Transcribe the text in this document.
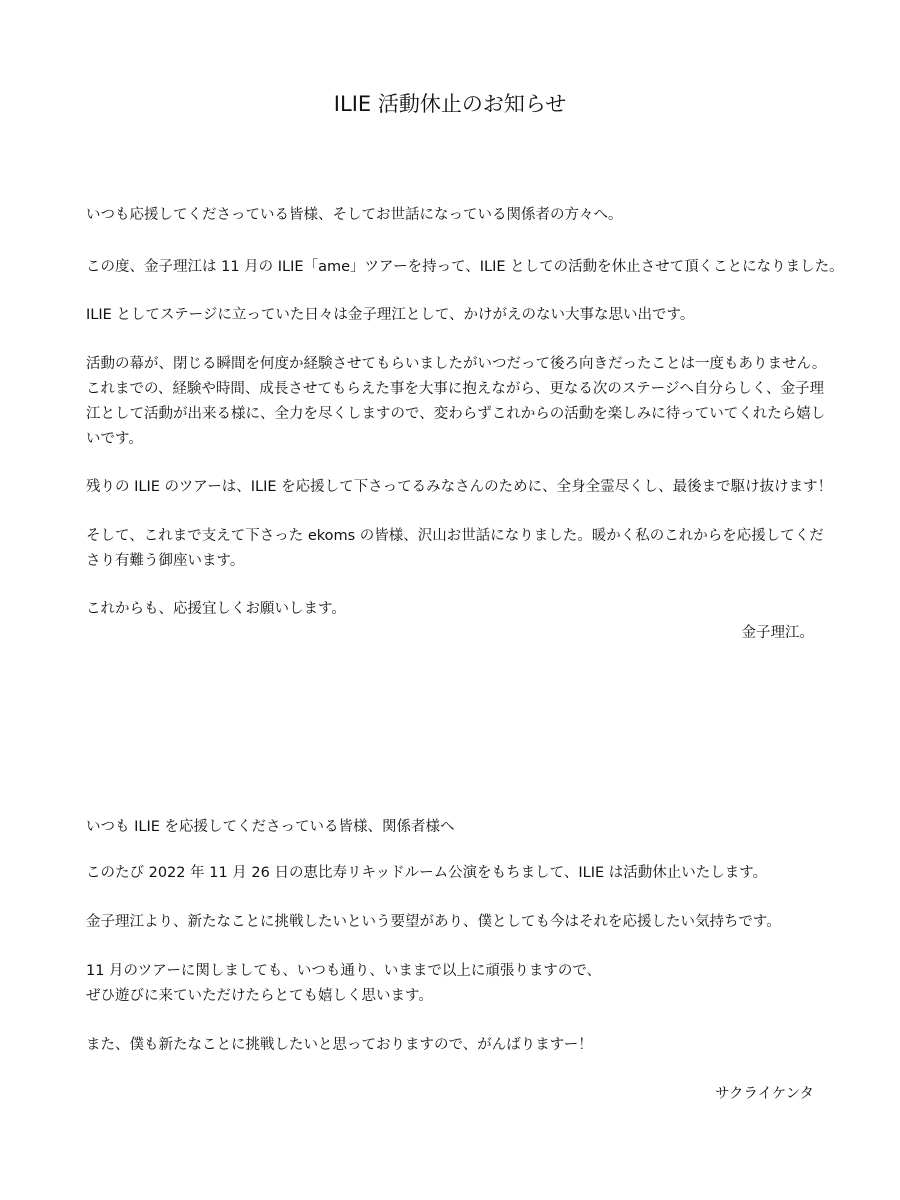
ILIE 活動休止のお知らせ

いつも応援してくださっている皆様、そしてお世話になっている関係者の方々へ。

この度、金子理江は 11 月の ILIE「ame」ツアーを持って、ILIE としての活動を休止させて頂くことになりました。

ILIE としてステージに立っていた日々は金子理江として、かけがえのない大事な思い出です。

活動の幕が、閉じる瞬間を何度か経験させてもらいましたがいつだって後ろ向きだったことは一度もありません。

これまでの、経験や時間、成長させてもらえた事を大事に抱えながら、更なる次のステージへ自分らしく、金子理

江として活動が出来る様に、全力を尽くしますので、変わらずこれからの活動を楽しみに待っていてくれたら嬉し

いです。

残りの ILIE のツアーは、ILIE を応援して下さってるみなさんのために、全身全霊尽くし、最後まで駆け抜けます！

そして、これまで支えて下さった ekoms の皆様、沢山お世話になりました。暖かく私のこれからを応援してくだ

さり有難う御座います。

これからも、応援宜しくお願いします。

金子理江。

いつも ILIE を応援してくださっている皆様、関係者様へ

このたび 2022 年 11 月 26 日の恵比寿リキッドルーム公演をもちまして、ILIE は活動休止いたします。

金子理江より、新たなことに挑戦したいという要望があり、僕としても今はそれを応援したい気持ちです。

11 月のツアーに関しましても、いつも通り、いままで以上に頑張りますので、

ぜひ遊びに来ていただけたらとても嬉しく思います。

また、僕も新たなことに挑戦したいと思っておりますので、がんばりますー！

サクライケンタ
